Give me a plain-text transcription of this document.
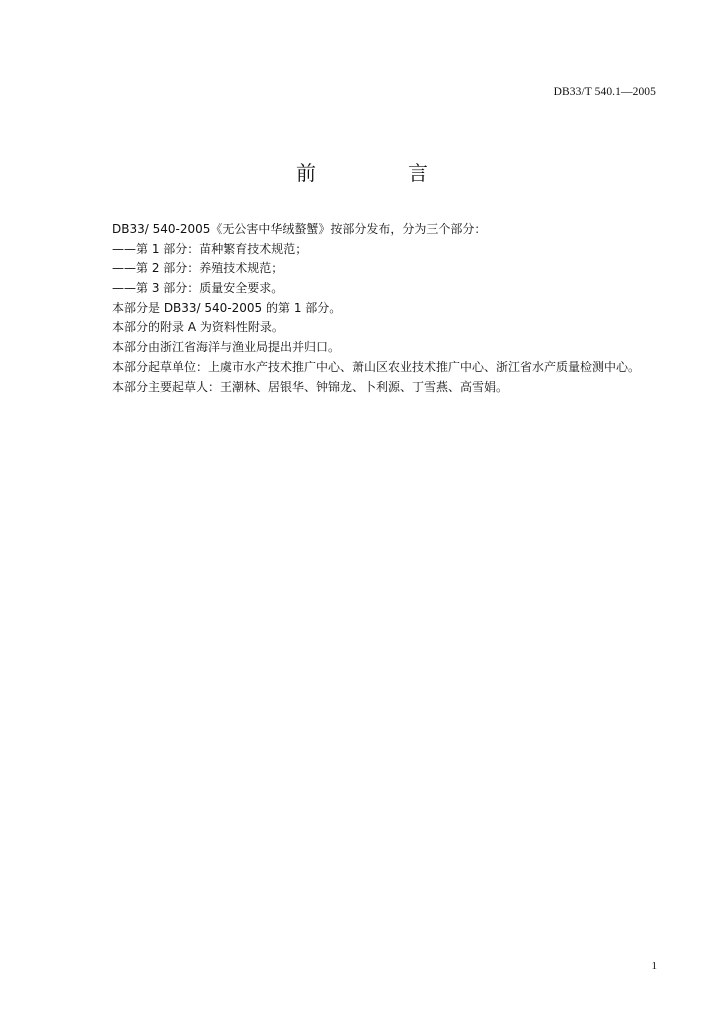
DB33/T 540.1—2005
前　言

DB33/ 540-2005《无公害中华绒螯蟹》按部分发布，分为三个部分：

——第 1 部分：苗种繁育技术规范；

——第 2 部分：养殖技术规范；

——第 3 部分：质量安全要求。

本部分是 DB33/ 540-2005 的第 1 部分。

本部分的附录 A 为资料性附录。

本部分由浙江省海洋与渔业局提出并归口。

本部分起草单位：上虞市水产技术推广中心、萧山区农业技术推广中心、浙江省水产质量检测中心。

本部分主要起草人：王潮林、居银华、钟锦龙、卜利源、丁雪燕、高雪娟。

1
